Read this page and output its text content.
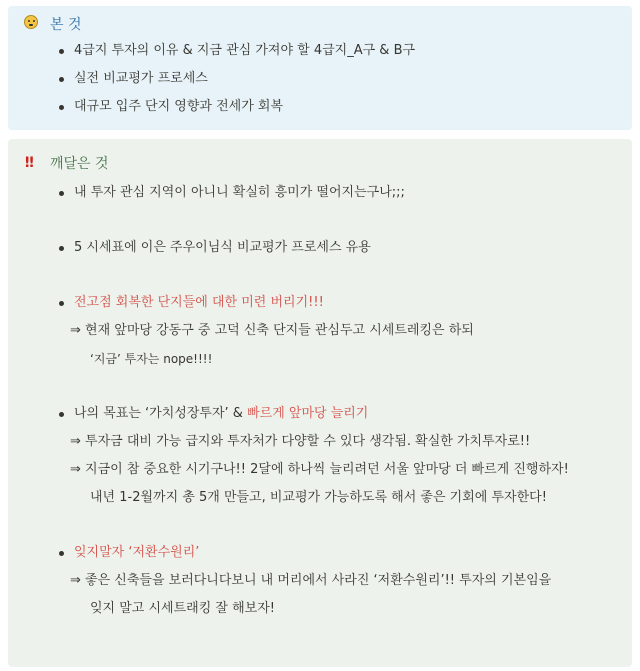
본 것
4급지 투자의 이유 & 지금 관심 가져야 할 4급지_A구 & B구
실전 비교평가 프로세스
대규모 입주 단지 영향과 전세가 회복
!!	깨달은 것
내 투자 관심 지역이 아니니 확실히 흥미가 떨어지는구나;;;
5 시세표에 이은 주우이님식 비교평가 프로세스 유용
전고점 회복한 단지들에 대한 미련 버리기!!!
⇒ 현재 앞마당 강동구 중 고덕 신축 단지들 관심두고 시세트레킹은 하되
‘지금’ 투자는 nope!!!!
나의 목표는 ‘가치성장투자’ & 빠르게 앞마당 늘리기
⇒ 투자금 대비 가능 급지와 투자처가 다양할 수 있다 생각됨. 확실한 가치투자로!!
⇒ 지금이 참 중요한 시기구나!! 2달에 하나씩 늘리려던 서울 앞마당 더 빠르게 진행하자!
내년 1-2월까지 총 5개 만들고, 비교평가 가능하도록 해서 좋은 기회에 투자한다!
잊지말자 ‘저환수원리’
⇒ 좋은 신축들을 보러다니다보니 내 머리에서 사라진 ‘저환수원리’!! 투자의 기본임을
잊지 말고 시세트래킹 잘 해보자!
